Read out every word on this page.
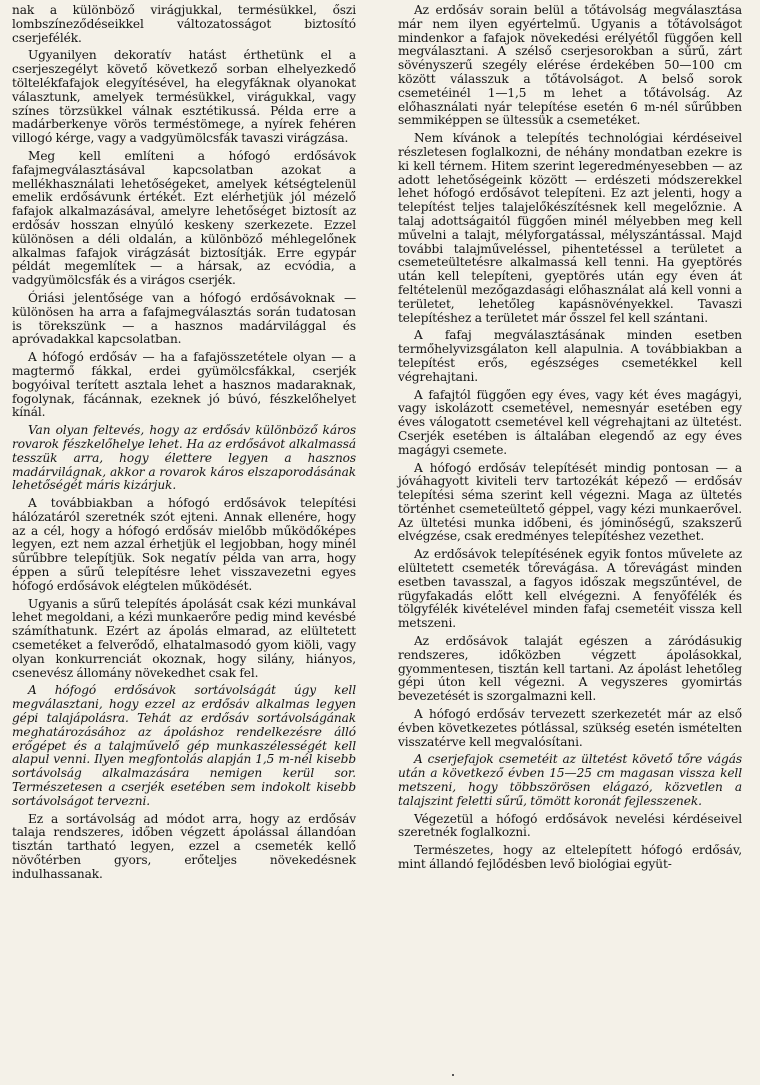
nak a különböző virágjukkal, termésükkel, őszi lombszíneződéseikkel változatosságot biztosító cserjefélék.

Ugyanilyen dekoratív hatást érthetünk el a cserjeszegélyt követő következő sorban elhelyezkedő töltelékfafajok elegyítésével, ha elegyfáknak olyanokat választunk, amelyek termésükkel, virágukkal, vagy színes törzsükkel válnak esztétikussá. Példa erre a madárberkenye vörös terméstömege, a nyírek fehéren villogó kérge, vagy a vadgyümölcsfák tavaszi virágzása.

Meg kell említeni a hófogó erdősávok fafajmegválasztásával kapcsolatban azokat a mellékhasználati lehetőségeket, amelyek kétségtelenül emelik erdősávunk értékét. Ezt elérhetjük jól mézelő fafajok alkalmazásával, amelyre lehetőséget biztosít az erdősáv hosszan elnyúló keskeny szerkezete. Ezzel különösen a déli oldalán, a különböző méhlegelőnek alkalmas fafajok virágzását biztosítják. Erre egypár példát megemlítek — a hársak, az ecvódia, a vadgyümölcsfák és a virágos cserjék.

Óriási jelentősége van a hófogó erdősávoknak — különösen ha arra a fafajmegválasztás során tudatosan is törekszünk — a hasznos madárvilággal és apróvadakkal kapcsolatban.

A hófogó erdősáv — ha a fafajösszetétele olyan — a magtermő fákkal, erdei gyümölcsfákkal, cserjék bogyóival terített asztala lehet a hasznos madaraknak, fogolynak, fácánnak, ezeknek jó búvó, fészkelőhelyet kínál.

Van olyan feltevés, hogy az erdősáv különböző káros rovarok fészkelőhelye lehet. Ha az erdősávot alkalmassá tesszük arra, hogy élettere legyen a hasznos madárvilágnak, akkor a rovarok káros elszaporodásának lehetőségét máris kizárjuk.

A továbbiakban a hófogó erdősávok telepítési hálózatáról szeretnék szót ejteni. Annak ellenére, hogy az a cél, hogy a hófogó erdősáv mielőbb működőképes legyen, ezt nem azzal érhetjük el legjobban, hogy minél sűrűbbre telepítjük. Sok negatív példa van arra, hogy éppen a sűrű telepítésre lehet visszavezetni egyes hófogó erdősávok elégtelen működését.

Ugyanis a sűrű telepítés ápolását csak kézi munkával lehet megoldani, a kézi munkaerőre pedig mind kevésbé számíthatunk. Ezért az ápolás elmarad, az elültetett csemetéket a felverődő, elhatalmasodó gyom kiöli, vagy olyan konkurrenciát okoznak, hogy silány, hiányos, csenevész állomány növekedhet csak fel.

A hófogó erdősávok sortávolságát úgy kell megválasztani, hogy ezzel az erdősáv alkalmas legyen gépi talajápolásra. Tehát az erdősáv sortávolságának meghatározásához az ápoláshoz rendelkezésre álló erőgépet és a talajművelő gép munkaszélességét kell alapul venni. Ilyen megfontolás alapján 1,5 m-nél kisebb sortávolság alkalmazására nemigen kerül sor. Természetesen a cserjék esetében sem indokolt kisebb sortávolságot tervezni.

Ez a sortávolság ad módot arra, hogy az erdősáv talaja rendszeres, időben végzett ápolással állandóan tisztán tartható legyen, ezzel a csemeték kellő növőtérben gyors, erőteljes növekedésnek indulhassanak.

Az erdősáv sorain belül a tőtávolság megválasztása már nem ilyen egyértelmű. Ugyanis a tőtávolságot mindenkor a fafajok növekedési erélyétől függően kell megválasztani. A szélső cserjesorokban a sűrű, zárt sövényszerű szegély elérése érdekében 50—100 cm között válasszuk a tőtávolságot. A belső sorok csemetéinél 1—1,5 m lehet a tőtávolság. Az előhasználati nyár telepítése esetén 6 m-nél sűrűbben semmiképpen se ültessük a csemetéket.

Nem kívánok a telepítés technológiai kérdéseivel részletesen foglalkozni, de néhány mondatban ezekre is ki kell térnem. Hitem szerint legeredményesebben — az adott lehetőségeink között — erdészeti módszerekkel lehet hófogó erdősávot telepíteni. Ez azt jelenti, hogy a telepítést teljes talajelőkészítésnek kell megelőznie. A talaj adottságaitól függően minél mélyebben meg kell művelni a talajt, mélyforgatással, mélyszántással. Majd további talajműveléssel, pihentetéssel a területet a csemeteültetésre alkalmassá kell tenni. Ha gyeptörés után kell telepíteni, gyeptörés után egy éven át feltételenül mezőgazdasági előhasználat alá kell vonni a területet, lehetőleg kapásnövényekkel. Tavaszi telepítéshez a területet már ősszel fel kell szántani.

A fafaj megválasztásának minden esetben termőhelyvizsgálaton kell alapulnia. A továbbiakban a telepítést erős, egészséges csemetékkel kell végrehajtani.

A fafajtól függően egy éves, vagy két éves magágyi, vagy iskolázott csemetével, nemesnyár esetében egy éves válogatott csemetével kell végrehajtani az ültetést. Cserjék esetében is általában elegendő az egy éves magágyi csemete.

A hófogó erdősáv telepítését mindig pontosan — a jóváhagyott kiviteli terv tartozékát képező — erdősáv telepítési séma szerint kell végezni. Maga az ültetés történhet csemeteültető géppel, vagy kézi munkaerővel. Az ültetési munka időbeni, és jóminőségű, szakszerű elvégzése, csak eredményes telepítéshez vezethet.

Az erdősávok telepítésének egyik fontos művelete az elültetett csemeték tőrevágása. A tőrevágást minden esetben tavasszal, a fagyos időszak megszűntével, de rügyfakadás előtt kell elvégezni. A fenyőfélék és tölgyfélék kivételével minden fafaj csemetéit vissza kell metszeni.

Az erdősávok talaját egészen a záródásukig rendszeres, időközben végzett ápolásokkal, gyommentesen, tisztán kell tartani. Az ápolást lehetőleg gépi úton kell végezni. A vegyszeres gyomirtás bevezetését is szorgalmazni kell.

A hófogó erdősáv tervezett szerkezetét már az első évben következetes pótlással, szükség esetén ismételten visszatérve kell megvalósítani.

A cserjefajok csemetéit az ültetést követő tőre vágás után a következő évben 15—25 cm magasan vissza kell metszeni, hogy többszörösen elágazó, közvetlen a talajszint feletti sűrű, tömött koronát fejlesszenek.

Végezetül a hófogó erdősávok nevelési kérdéseivel szeretnék foglalkozni.

Természetes, hogy az eltelepített hófogó erdősáv, mint állandó fejlődésben levő biológiai együt-
